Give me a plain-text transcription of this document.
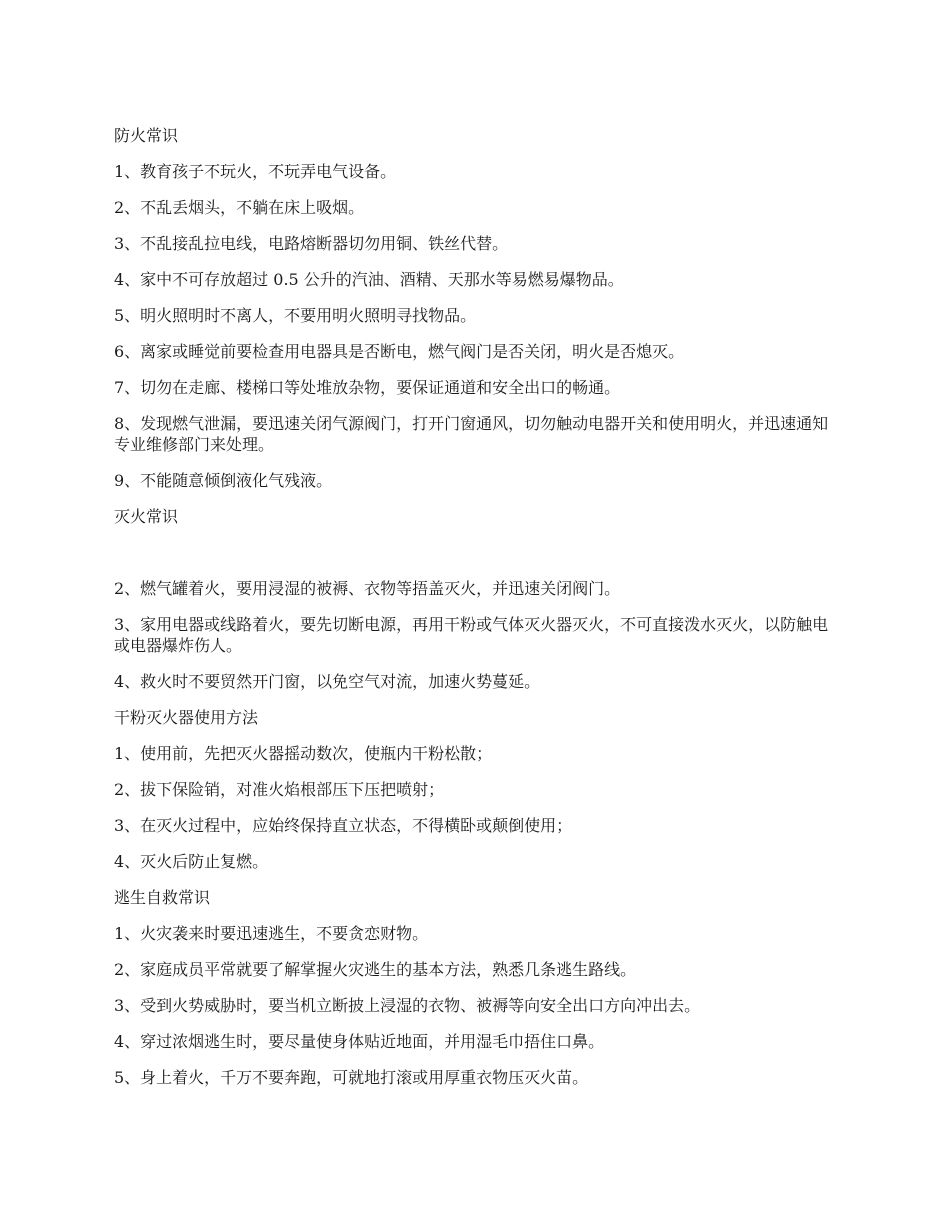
防火常识

1、教育孩子不玩火，不玩弄电气设备。

2、不乱丢烟头，不躺在床上吸烟。

3、不乱接乱拉电线，电路熔断器切勿用铜、铁丝代替。

4、家中不可存放超过 0.5 公升的汽油、酒精、天那水等易燃易爆物品。

5、明火照明时不离人，不要用明火照明寻找物品。

6、离家或睡觉前要检查用电器具是否断电，燃气阀门是否关闭，明火是否熄灭。

7、切勿在走廊、楼梯口等处堆放杂物，要保证通道和安全出口的畅通。

8、发现燃气泄漏，要迅速关闭气源阀门，打开门窗通风，切勿触动电器开关和使用明火，并迅速通知专业维修部门来处理。

9、不能随意倾倒液化气残液。

灭火常识

2、燃气罐着火，要用浸湿的被褥、衣物等捂盖灭火，并迅速关闭阀门。

3、家用电器或线路着火，要先切断电源，再用干粉或气体灭火器灭火，不可直接泼水灭火，以防触电或电器爆炸伤人。

4、救火时不要贸然开门窗，以免空气对流，加速火势蔓延。

干粉灭火器使用方法

1、使用前，先把灭火器摇动数次，使瓶内干粉松散；

2、拔下保险销，对准火焰根部压下压把喷射；

3、在灭火过程中，应始终保持直立状态，不得横卧或颠倒使用；

4、灭火后防止复燃。

逃生自救常识

1、火灾袭来时要迅速逃生，不要贪恋财物。

2、家庭成员平常就要了解掌握火灾逃生的基本方法，熟悉几条逃生路线。

3、受到火势威胁时，要当机立断披上浸湿的衣物、被褥等向安全出口方向冲出去。

4、穿过浓烟逃生时，要尽量使身体贴近地面，并用湿毛巾捂住口鼻。

5、身上着火，千万不要奔跑，可就地打滚或用厚重衣物压灭火苗。
